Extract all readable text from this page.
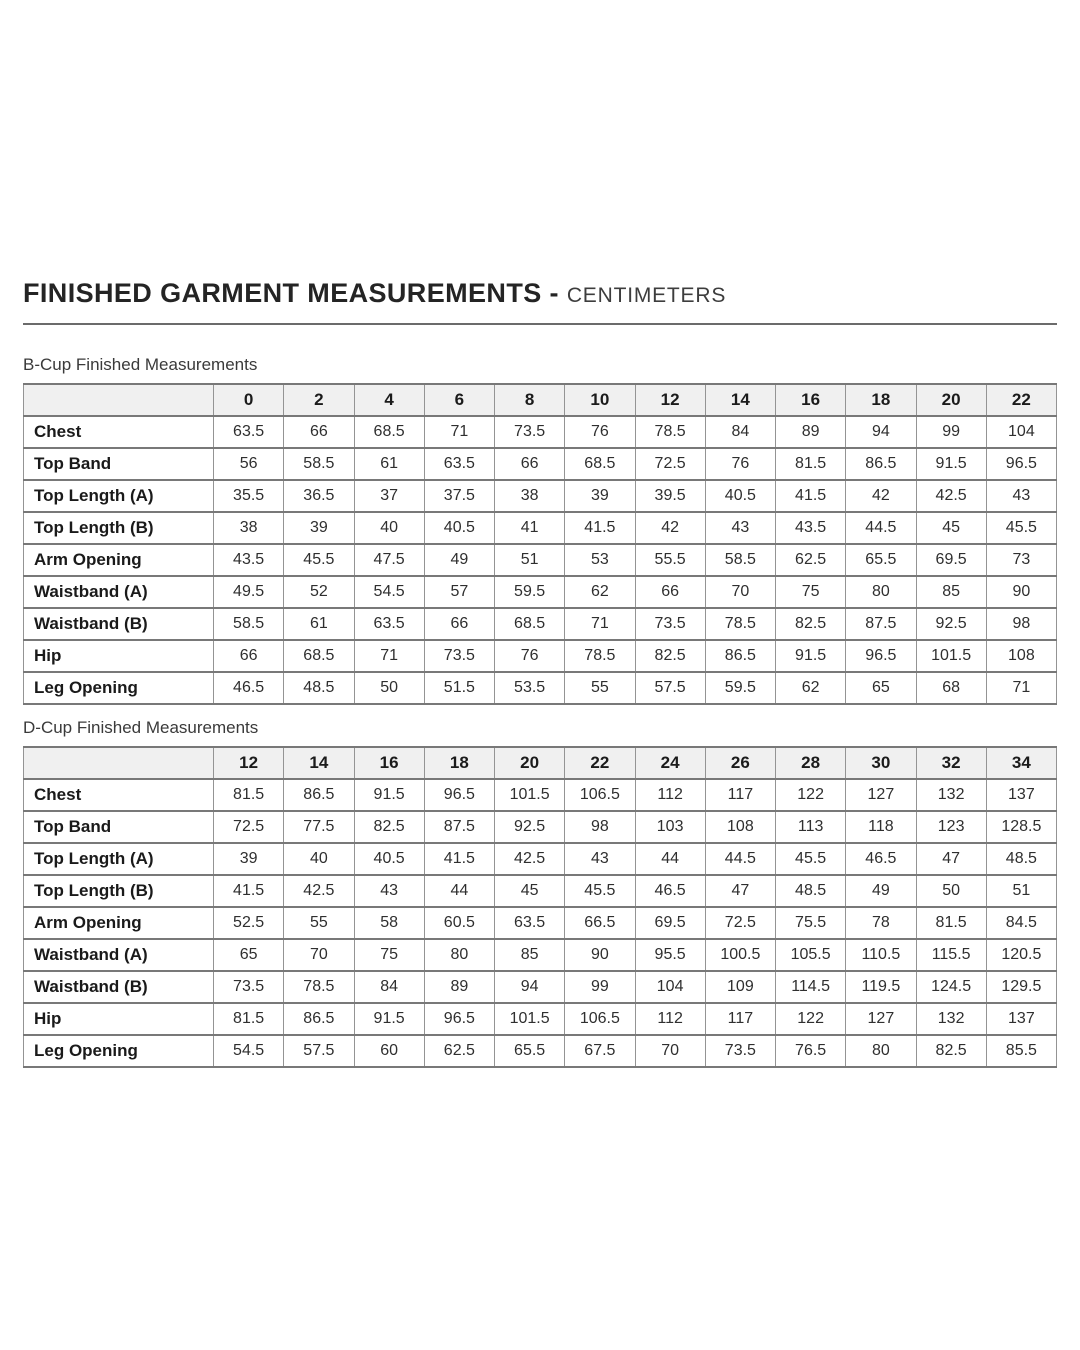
FINISHED GARMENT MEASUREMENTS - CENTIMETERS
B-Cup Finished Measurements
	0	2	4	6	8	10	12	14	16	18	20	22
Chest	63.5	66	68.5	71	73.5	76	78.5	84	89	94	99	104
Top Band	56	58.5	61	63.5	66	68.5	72.5	76	81.5	86.5	91.5	96.5
Top Length (A)	35.5	36.5	37	37.5	38	39	39.5	40.5	41.5	42	42.5	43
Top Length (B)	38	39	40	40.5	41	41.5	42	43	43.5	44.5	45	45.5
Arm Opening	43.5	45.5	47.5	49	51	53	55.5	58.5	62.5	65.5	69.5	73
Waistband (A)	49.5	52	54.5	57	59.5	62	66	70	75	80	85	90
Waistband (B)	58.5	61	63.5	66	68.5	71	73.5	78.5	82.5	87.5	92.5	98
Hip	66	68.5	71	73.5	76	78.5	82.5	86.5	91.5	96.5	101.5	108
Leg Opening	46.5	48.5	50	51.5	53.5	55	57.5	59.5	62	65	68	71
D-Cup Finished Measurements
	12	14	16	18	20	22	24	26	28	30	32	34
Chest	81.5	86.5	91.5	96.5	101.5	106.5	112	117	122	127	132	137
Top Band	72.5	77.5	82.5	87.5	92.5	98	103	108	113	118	123	128.5
Top Length (A)	39	40	40.5	41.5	42.5	43	44	44.5	45.5	46.5	47	48.5
Top Length (B)	41.5	42.5	43	44	45	45.5	46.5	47	48.5	49	50	51
Arm Opening	52.5	55	58	60.5	63.5	66.5	69.5	72.5	75.5	78	81.5	84.5
Waistband (A)	65	70	75	80	85	90	95.5	100.5	105.5	110.5	115.5	120.5
Waistband (B)	73.5	78.5	84	89	94	99	104	109	114.5	119.5	124.5	129.5
Hip	81.5	86.5	91.5	96.5	101.5	106.5	112	117	122	127	132	137
Leg Opening	54.5	57.5	60	62.5	65.5	67.5	70	73.5	76.5	80	82.5	85.5
